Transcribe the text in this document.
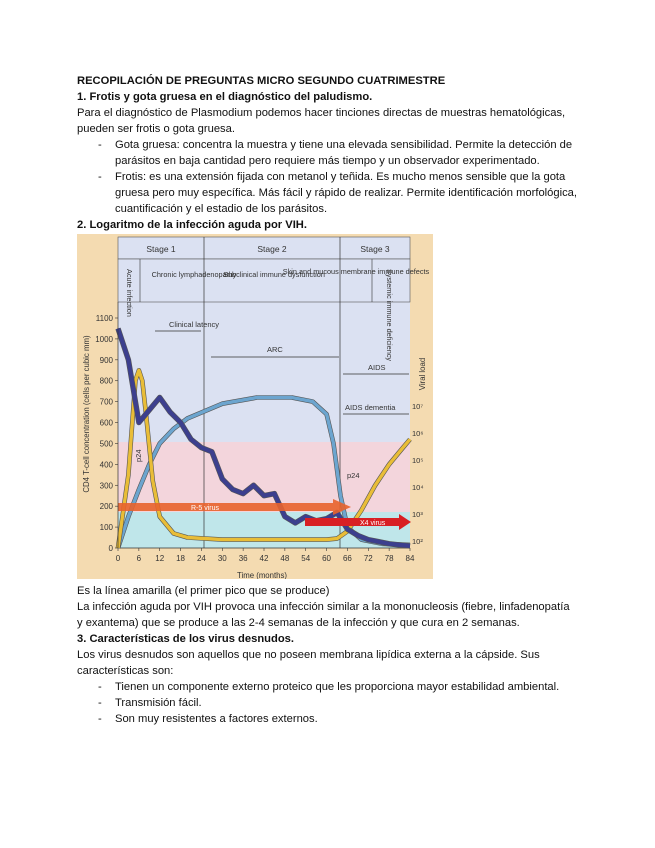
RECOPILACIÓN DE PREGUNTAS MICRO SEGUNDO CUATRIMESTRE

1. Frotis y gota gruesa en el diagnóstico del paludismo.

Para el diagnóstico de Plasmodium podemos hacer tinciones directas de muestras hematológicas, pueden ser frotis o gota gruesa.

- Gota gruesa: concentra la muestra y tiene una elevada sensibilidad. Permite la detección de parásitos en baja cantidad pero requiere más tiempo y un observador experimentado.
- Frotis: es una extensión fijada con metanol y teñida. Es mucho menos sensible que la gota gruesa pero muy específica. Más fácil y rápido de realizar. Permite identificación morfológica, cuantificación y el estadio de los parásitos.

2. Logaritmo de la infección aguda por VIH.

Stage 1	Stage 2	Stage 3
Acute infection Chronic lymphadenopathy
Subclinical immune dysfunction
Skin and mucous membrane immune defects
Systemic immune deficiency
Clinical latency
ARC
AIDS
AIDS dementia
p24
p24
R-5 virus
X4 virus
0 6 12 18 24 30 36 42 48 54 60 66 72 78 84
0
100
200
300
400
500
600
700
800
900
1000
1100
10²
10³
10⁴
10⁵
10⁶
10⁷
CD4 T-cell concentration (cells per cubic mm)	Viral load
Time (months)

Es la línea amarilla (el primer pico que se produce)

La infección aguda por VIH provoca una infección similar a la mononucleosis (fiebre, linfadenopatía y exantema) que se produce a las 2-4 semanas de la infección y que cura en 2 semanas.

3. Características de los virus desnudos.

Los virus desnudos son aquellos que no poseen membrana lipídica externa a la cápside. Sus características son:

- Tienen un componente externo proteico que les proporciona mayor estabilidad ambiental.
- Transmisión fácil.
- Son muy resistentes a factores externos.
